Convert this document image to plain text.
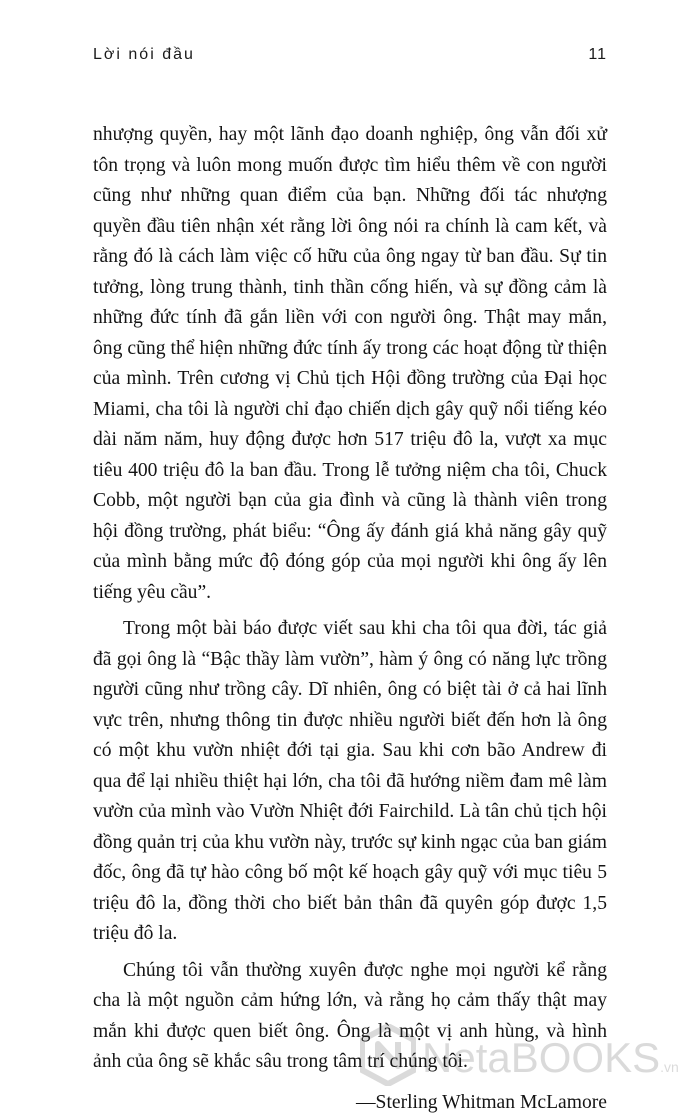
Lời nói đầu	11

nhượng quyền, hay một lãnh đạo doanh nghiệp, ông vẫn đối xử tôn trọng và luôn mong muốn được tìm hiểu thêm về con người cũng như những quan điểm của bạn. Những đối tác nhượng quyền đầu tiên nhận xét rằng lời ông nói ra chính là cam kết, và rằng đó là cách làm việc cố hữu của ông ngay từ ban đầu. Sự tin tưởng, lòng trung thành, tinh thần cống hiến, và sự đồng cảm là những đức tính đã gắn liền với con người ông. Thật may mắn, ông cũng thể hiện những đức tính ấy trong các hoạt động từ thiện của mình. Trên cương vị Chủ tịch Hội đồng trường của Đại học Miami, cha tôi là người chỉ đạo chiến dịch gây quỹ nổi tiếng kéo dài năm năm, huy động được hơn 517 triệu đô la, vượt xa mục tiêu 400 triệu đô la ban đầu. Trong lễ tưởng niệm cha tôi, Chuck Cobb, một người bạn của gia đình và cũng là thành viên trong hội đồng trường, phát biểu: “Ông ấy đánh giá khả năng gây quỹ của mình bằng mức độ đóng góp của mọi người khi ông ấy lên tiếng yêu cầu”.

Trong một bài báo được viết sau khi cha tôi qua đời, tác giả đã gọi ông là “Bậc thầy làm vườn”, hàm ý ông có năng lực trồng người cũng như trồng cây. Dĩ nhiên, ông có biệt tài ở cả hai lĩnh vực trên, nhưng thông tin được nhiều người biết đến hơn là ông có một khu vườn nhiệt đới tại gia. Sau khi cơn bão Andrew đi qua để lại nhiều thiệt hại lớn, cha tôi đã hướng niềm đam mê làm vườn của mình vào Vườn Nhiệt đới Fairchild. Là tân chủ tịch hội đồng quản trị của khu vườn này, trước sự kinh ngạc của ban giám đốc, ông đã tự hào công bố một kế hoạch gây quỹ với mục tiêu 5 triệu đô la, đồng thời cho biết bản thân đã quyên góp được 1,5 triệu đô la.

Chúng tôi vẫn thường xuyên được nghe mọi người kể rằng cha là một nguồn cảm hứng lớn, và rằng họ cảm thấy thật may mắn khi được quen biết ông. Ông là một vị anh hùng, và hình ảnh của ông sẽ khắc sâu trong tâm trí chúng tôi.

—Sterling Whitman McLamore
NetaBOOKS.vn
